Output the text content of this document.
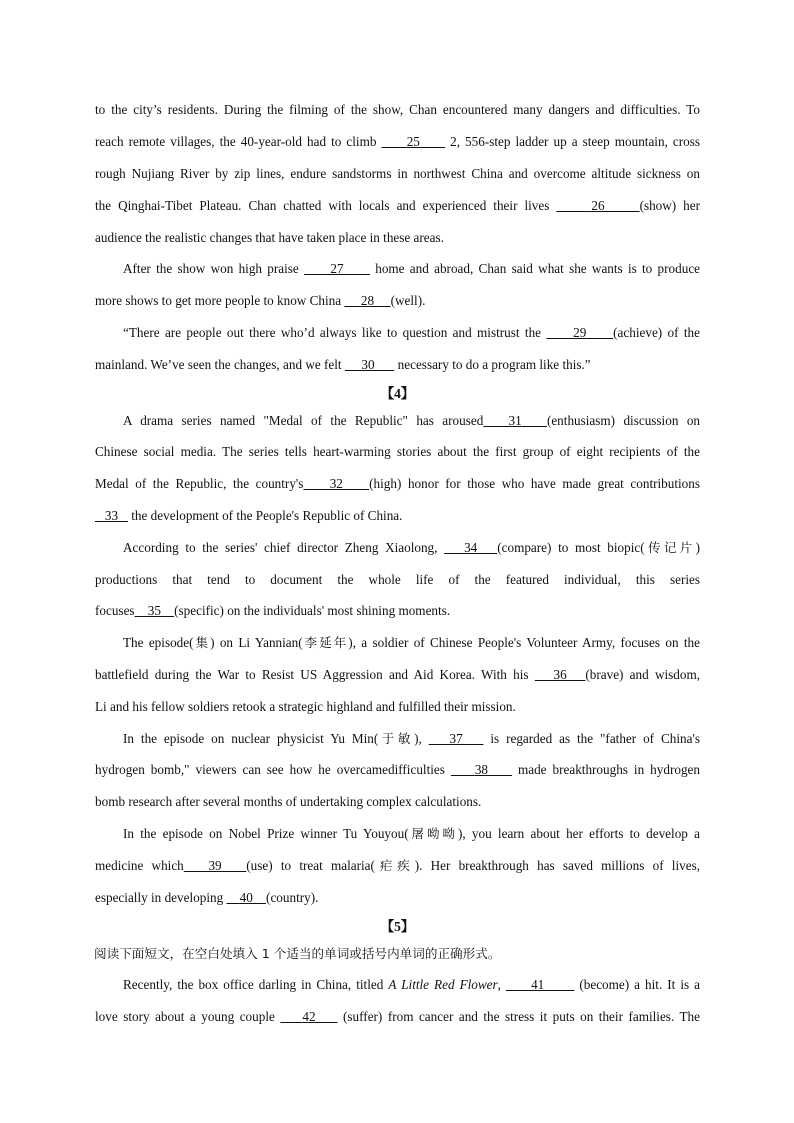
to the city’s residents. During the filming of the show, Chan encountered many dangers and difficulties. To
reach remote villages, the 40-year-old had to climb      25      2, 556-step ladder up a steep mountain, cross
rough Nujiang River by zip lines, endure sandstorms in northwest China and overcome altitude sickness on
the Qinghai-Tibet Plateau. Chan chatted with locals and experienced their lives	26	(show) her
audience the realistic changes that have taken place in these areas.
After the show won high praise      27      home and abroad, Chan said what she wants is to produce
more shows to get more people to know China      28 (well).
“There are people out there who’d always like to question and mistrust the      29 (achieve) of the
mainland. We’ve seen the changes, and we felt      30       necessary to do a program like this.”
【4】
A drama series named "Medal of the Republic" has aroused 31 (enthusiasm) discussion on
Chinese social media. The series tells heart-warming stories about the first group of eight recipients of the
Medal of the Republic, the country's 32 (high) honor for those who have made great contributions
33    the development of the People's Republic of China.
According to the series' chief director Zheng Xiaolong,    34 (compare) to most biopic(传记片)
productions that tend to document the whole life of the featured individual, this series
focuses 35 (specific) on the individuals' most shining moments.
The episode(集) on Li Yannian(李延年), a soldier of Chinese People's Volunteer Army, focuses on the
battlefield during the War to Resist US Aggression and Aid Korea. With his    36 (brave) and wisdom,
Li and his fellow soldiers retook a strategic highland and fulfilled their mission.
In the episode on nuclear physicist Yu Min(于敏),    37    is regarded as the "father of China's
hydrogen bomb," viewers can see how he overcamedifficulties     38     made breakthroughs in hydrogen
bomb research after several months of undertaking complex calculations.
In the episode on Nobel Prize winner Tu Youyou(屠呦呦), you learn about her efforts to develop a
medicine which 39 (use) to treat malaria(疟疾). Her breakthrough has saved millions of lives,
especially in developing     40 (country).
【5】
阅读下面短文，在空白处填入 1 个适当的单词或括号内单词的正确形式。
Recently, the box office darling in China, titled A Little Red Flower,      41       (become) a hit. It is a
love story about a young couple     42     (suffer) from cancer and the stress it puts on their families. The
